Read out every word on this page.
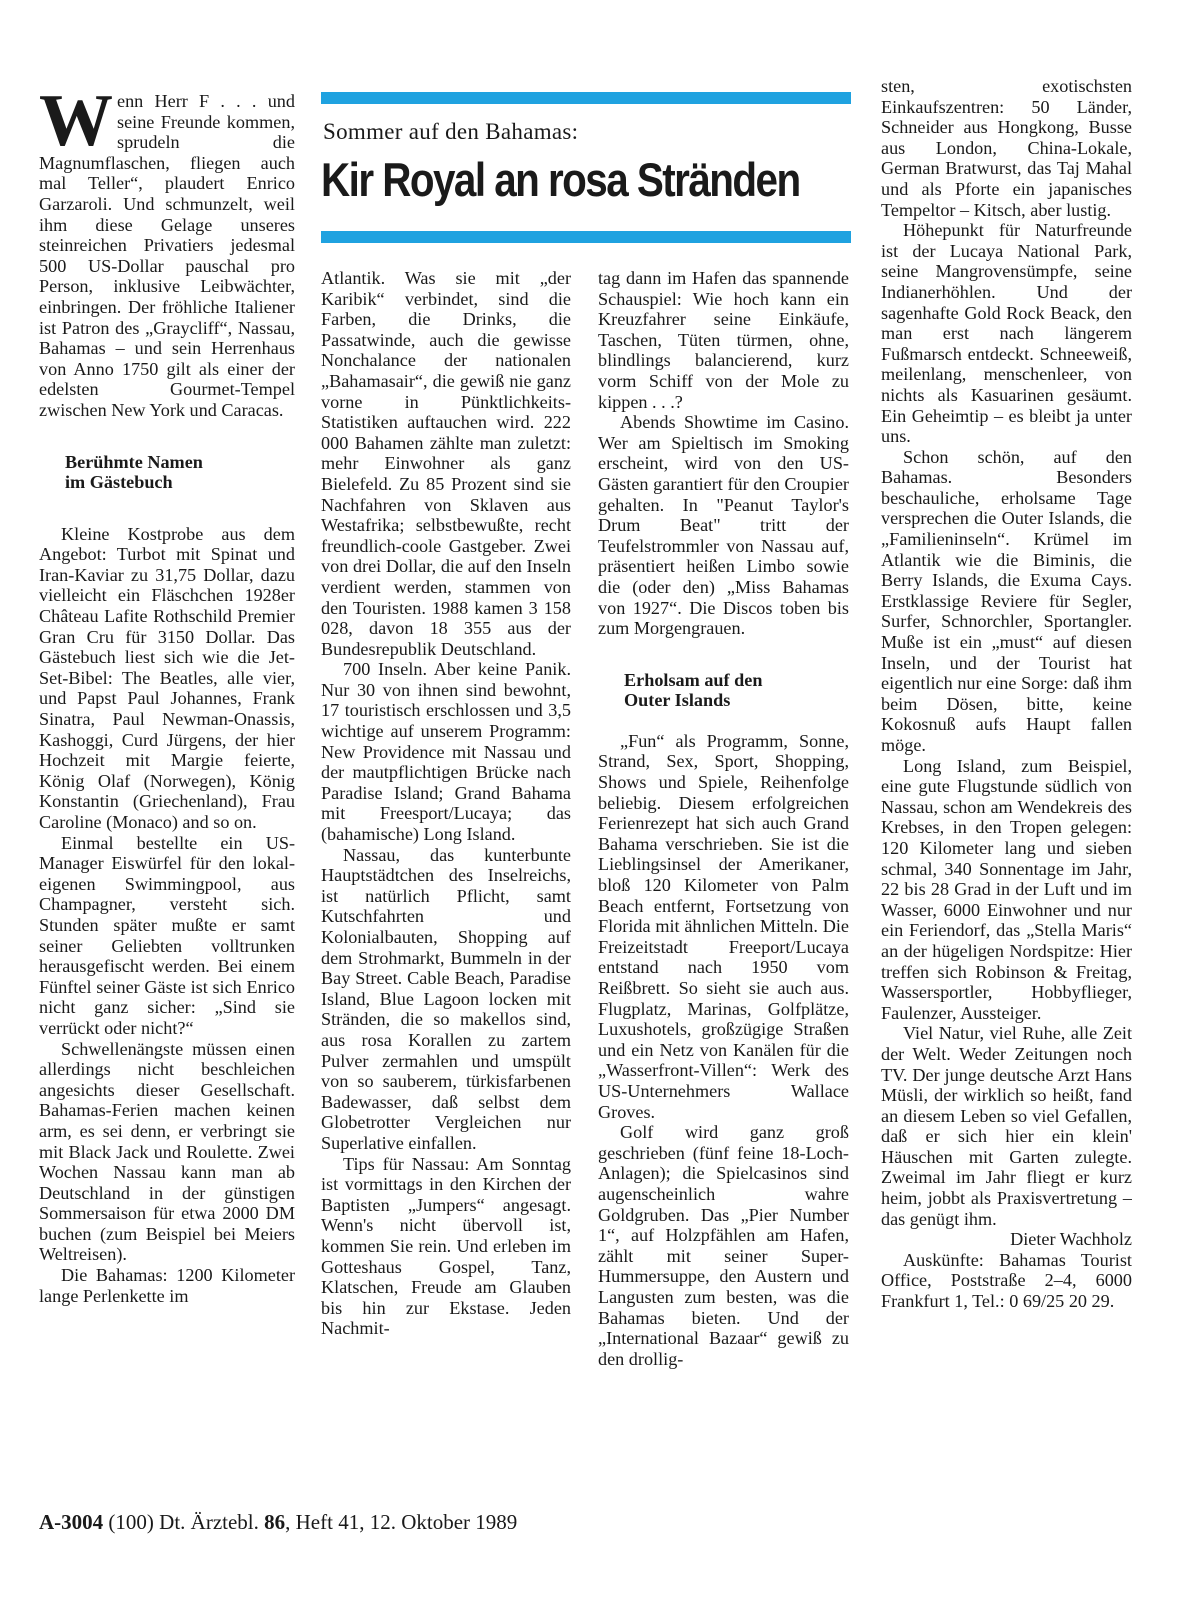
Sommer auf den Bahamas:
Kir Royal an rosa Stränden

Wenn Herr F . . . und seine Freunde kommen, sprudeln die Magnumflaschen, fliegen auch mal Teller“, plaudert Enrico Garzaroli. Und schmunzelt, weil ihm diese Gelage unseres steinreichen Privatiers jedesmal 500 US-Dollar pauschal pro Person, inklusive Leibwächter, einbringen. Der fröhliche Italiener ist Patron des „Graycliff“, Nassau, Bahamas – und sein Herrenhaus von Anno 1750 gilt als einer der edelsten Gourmet-Tempel zwischen New York und Caracas.

Berühmte Namen
im Gästebuch

Kleine Kostprobe aus dem Angebot: Turbot mit Spinat und Iran-Kaviar zu 31,75 Dollar, dazu vielleicht ein Fläschchen 1928er Château Lafite Rothschild Premier Gran Cru für 3150 Dollar. Das Gästebuch liest sich wie die Jet-Set-Bibel: The Beatles, alle vier, und Papst Paul Johannes, Frank Sinatra, Paul Newman-Onassis, Kashoggi, Curd Jürgens, der hier Hochzeit mit Margie feierte, König Olaf (Norwegen), König Konstantin (Griechenland), Frau Caroline (Monaco) and so on.

Einmal bestellte ein US-Manager Eiswürfel für den lokal-eigenen Swimmingpool, aus Champagner, versteht sich. Stunden später mußte er samt seiner Geliebten volltrunken herausgefischt werden. Bei einem Fünftel seiner Gäste ist sich Enrico nicht ganz sicher: „Sind sie verrückt oder nicht?“

Schwellenängste müssen einen allerdings nicht beschleichen angesichts dieser Gesellschaft. Bahamas-Ferien machen keinen arm, es sei denn, er verbringt sie mit Black Jack und Roulette. Zwei Wochen Nassau kann man ab Deutschland in der günstigen Sommersaison für etwa 2000 DM buchen (zum Beispiel bei Meiers Weltreisen).

Die Bahamas: 1200 Kilometer lange Perlenkette im

Atlantik. Was sie mit „der Karibik“ verbindet, sind die Farben, die Drinks, die Passatwinde, auch die gewisse Nonchalance der nationalen „Bahamasair“, die gewiß nie ganz vorne in Pünktlichkeits-Statistiken auftauchen wird. 222 000 Bahamen zählte man zuletzt: mehr Einwohner als ganz Bielefeld. Zu 85 Prozent sind sie Nachfahren von Sklaven aus Westafrika; selbstbewußte, recht freundlich-coole Gastgeber. Zwei von drei Dollar, die auf den Inseln verdient werden, stammen von den Touristen. 1988 kamen 3 158 028, davon 18 355 aus der Bundesrepublik Deutschland.

700 Inseln. Aber keine Panik. Nur 30 von ihnen sind bewohnt, 17 touristisch erschlossen und 3,5 wichtige auf unserem Programm: New Providence mit Nassau und der mautpflichtigen Brücke nach Paradise Island; Grand Bahama mit Freesport/Lucaya; das (bahamische) Long Island.

Nassau, das kunterbunte Hauptstädtchen des Inselreichs, ist natürlich Pflicht, samt Kutschfahrten und Kolonialbauten, Shopping auf dem Strohmarkt, Bummeln in der Bay Street. Cable Beach, Paradise Island, Blue Lagoon locken mit Stränden, die so makellos sind, aus rosa Korallen zu zartem Pulver zermahlen und umspült von so sauberem, türkisfarbenen Badewasser, daß selbst dem Globetrotter Vergleichen nur Superlative einfallen.

Tips für Nassau: Am Sonntag ist vormittags in den Kirchen der Baptisten „Jumpers“ angesagt. Wenn's nicht übervoll ist, kommen Sie rein. Und erleben im Gotteshaus Gospel, Tanz, Klatschen, Freude am Glauben bis hin zur Ekstase. Jeden Nachmit-

tag dann im Hafen das spannende Schauspiel: Wie hoch kann ein Kreuzfahrer seine Einkäufe, Taschen, Tüten türmen, ohne, blindlings balancierend, kurz vorm Schiff von der Mole zu kippen . . .?

Abends Showtime im Casino. Wer am Spieltisch im Smoking erscheint, wird von den US-Gästen garantiert für den Croupier gehalten. In "Peanut Taylor's Drum Beat" tritt der Teufelstrommler von Nassau auf, präsentiert heißen Limbo sowie die (oder den) „Miss Bahamas von 1927“. Die Discos toben bis zum Morgengrauen.

Erholsam auf den
Outer Islands

„Fun“ als Programm, Sonne, Strand, Sex, Sport, Shopping, Shows und Spiele, Reihenfolge beliebig. Diesem erfolgreichen Ferienrezept hat sich auch Grand Bahama verschrieben. Sie ist die Lieblingsinsel der Amerikaner, bloß 120 Kilometer von Palm Beach entfernt, Fortsetzung von Florida mit ähnlichen Mitteln. Die Freizeitstadt Freeport/Lucaya entstand nach 1950 vom Reißbrett. So sieht sie auch aus. Flugplatz, Marinas, Golfplätze, Luxushotels, großzügige Straßen und ein Netz von Kanälen für die „Wasserfront-Villen“: Werk des US-Unternehmers Wallace Groves.

Golf wird ganz groß geschrieben (fünf feine 18-Loch-Anlagen); die Spielcasinos sind augenscheinlich wahre Goldgruben. Das „Pier Number 1“, auf Holzpfählen am Hafen, zählt mit seiner Super-Hummersuppe, den Austern und Langusten zum besten, was die Bahamas bieten. Und der „International Bazaar“ gewiß zu den drollig-

sten, exotischsten Einkaufszentren: 50 Länder, Schneider aus Hongkong, Busse aus London, China-Lokale, German Bratwurst, das Taj Mahal und als Pforte ein japanisches Tempeltor – Kitsch, aber lustig.

Höhepunkt für Naturfreunde ist der Lucaya National Park, seine Mangrovensümpfe, seine Indianerhöhlen. Und der sagenhafte Gold Rock Beack, den man erst nach längerem Fußmarsch entdeckt. Schneeweiß, meilenlang, menschenleer, von nichts als Kasuarinen gesäumt. Ein Geheimtip – es bleibt ja unter uns.

Schon schön, auf den Bahamas. Besonders beschauliche, erholsame Tage versprechen die Outer Islands, die „Familieninseln“. Krümel im Atlantik wie die Biminis, die Berry Islands, die Exuma Cays. Erstklassige Reviere für Segler, Surfer, Schnorchler, Sportangler. Muße ist ein „must“ auf diesen Inseln, und der Tourist hat eigentlich nur eine Sorge: daß ihm beim Dösen, bitte, keine Kokosnuß aufs Haupt fallen möge.

Long Island, zum Beispiel, eine gute Flugstunde südlich von Nassau, schon am Wendekreis des Krebses, in den Tropen gelegen: 120 Kilometer lang und sieben schmal, 340 Sonnentage im Jahr, 22 bis 28 Grad in der Luft und im Wasser, 6000 Einwohner und nur ein Feriendorf, das „Stella Maris“ an der hügeligen Nordspitze: Hier treffen sich Robinson & Freitag, Wassersportler, Hobbyflieger, Faulenzer, Aussteiger.

Viel Natur, viel Ruhe, alle Zeit der Welt. Weder Zeitungen noch TV. Der junge deutsche Arzt Hans Müsli, der wirklich so heißt, fand an diesem Leben so viel Gefallen, daß er sich hier ein klein' Häuschen mit Garten zulegte. Zweimal im Jahr fliegt er kurz heim, jobbt als Praxisvertretung – das genügt ihm.

Dieter Wachholz

Auskünfte: Bahamas Tourist Office, Poststraße 2–4, 6000 Frankfurt 1, Tel.: 0 69/25 20 29.

A-3004 (100) Dt. Ärztebl. 86, Heft 41, 12. Oktober 1989
